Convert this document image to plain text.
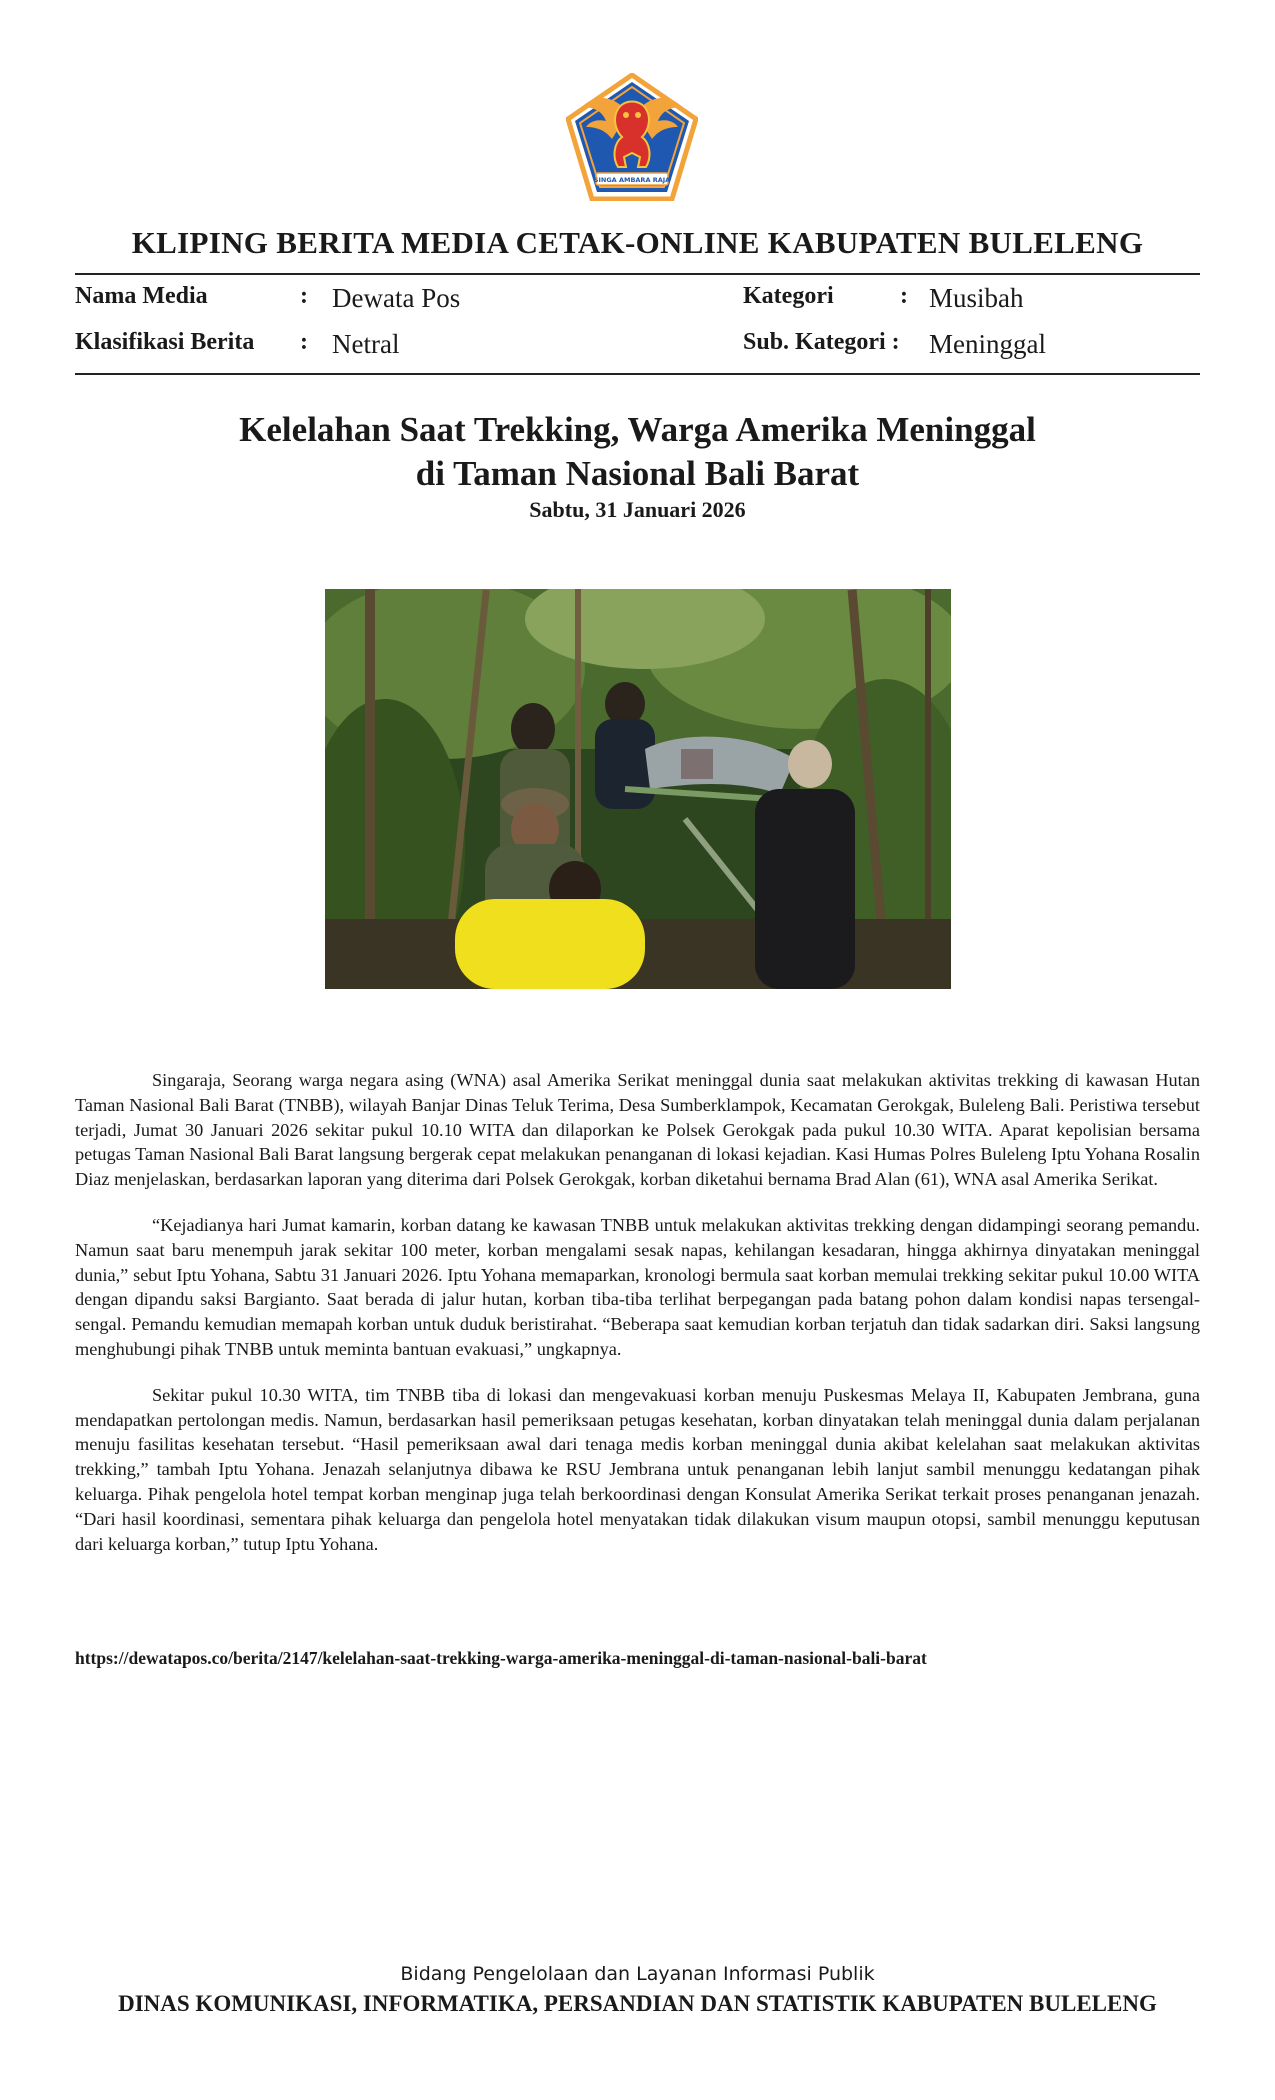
SINGA AMBARA RAJA
KLIPING BERITA MEDIA CETAK-ONLINE KABUPATEN BULELENG
Nama Media	: Dewata Pos	Kategori	: Musibah
Klasifikasi Berita : Netral	Sub. Kategori : Meninggal
Kelelahan Saat Trekking, Warga Amerika Meninggal
di Taman Nasional Bali Barat
Sabtu, 31 Januari 2026

Singaraja, Seorang warga negara asing (WNA) asal Amerika Serikat meninggal dunia saat melakukan aktivitas trekking di kawasan Hutan Taman Nasional Bali Barat (TNBB), wilayah Banjar Dinas Teluk Terima, Desa Sumberklampok, Kecamatan Gerokgak, Buleleng Bali. Peristiwa tersebut terjadi, Jumat 30 Januari 2026 sekitar pukul 10.10 WITA dan dilaporkan ke Polsek Gerokgak pada pukul 10.30 WITA. Aparat kepolisian bersama petugas Taman Nasional Bali Barat langsung bergerak cepat melakukan penanganan di lokasi kejadian. Kasi Humas Polres Buleleng Iptu Yohana Rosalin Diaz menjelaskan, berdasarkan laporan yang diterima dari Polsek Gerokgak, korban diketahui bernama Brad Alan (61), WNA asal Amerika Serikat.

“Kejadianya hari Jumat kamarin, korban datang ke kawasan TNBB untuk melakukan aktivitas trekking dengan didampingi seorang pemandu. Namun saat baru menempuh jarak sekitar 100 meter, korban mengalami sesak napas, kehilangan kesadaran, hingga akhirnya dinyatakan meninggal dunia,” sebut Iptu Yohana, Sabtu 31 Januari 2026. Iptu Yohana memaparkan, kronologi bermula saat korban memulai trekking sekitar pukul 10.00 WITA dengan dipandu saksi Bargianto. Saat berada di jalur hutan, korban tiba-tiba terlihat berpegangan pada batang pohon dalam kondisi napas tersengal-sengal. Pemandu kemudian memapah korban untuk duduk beristirahat. “Beberapa saat kemudian korban terjatuh dan tidak sadarkan diri. Saksi langsung menghubungi pihak TNBB untuk meminta bantuan evakuasi,” ungkapnya.

Sekitar pukul 10.30 WITA, tim TNBB tiba di lokasi dan mengevakuasi korban menuju Puskesmas Melaya II, Kabupaten Jembrana, guna mendapatkan pertolongan medis. Namun, berdasarkan hasil pemeriksaan petugas kesehatan, korban dinyatakan telah meninggal dunia dalam perjalanan menuju fasilitas kesehatan tersebut. “Hasil pemeriksaan awal dari tenaga medis korban meninggal dunia akibat kelelahan saat melakukan aktivitas trekking,” tambah Iptu Yohana. Jenazah selanjutnya dibawa ke RSU Jembrana untuk penanganan lebih lanjut sambil menunggu kedatangan pihak keluarga. Pihak pengelola hotel tempat korban menginap juga telah berkoordinasi dengan Konsulat Amerika Serikat terkait proses penanganan jenazah. “Dari hasil koordinasi, sementara pihak keluarga dan pengelola hotel menyatakan tidak dilakukan visum maupun otopsi, sambil menunggu keputusan dari keluarga korban,” tutup Iptu Yohana.

https://dewatapos.co/berita/2147/kelelahan-saat-trekking-warga-amerika-meninggal-di-taman-nasional-bali-barat
Bidang Pengelolaan dan Layanan Informasi Publik
DINAS KOMUNIKASI, INFORMATIKA, PERSANDIAN DAN STATISTIK KABUPATEN BULELENG
